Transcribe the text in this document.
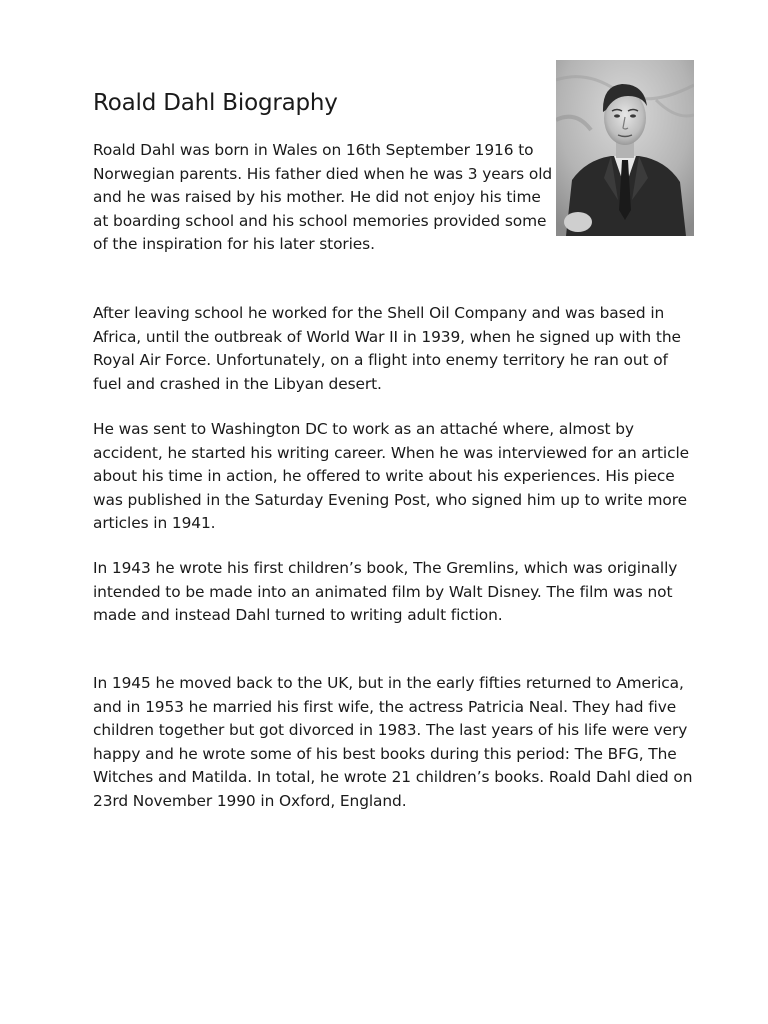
Roald Dahl Biography

Roald Dahl was born in Wales on 16th September 1916 to Norwegian parents. His father died when he was 3 years old and he was raised by his mother. He did not enjoy his time at boarding school and his school memories provided some of the inspiration for his later stories.

After leaving school he worked for the Shell Oil Company and was based in Africa, until the outbreak of World War II in 1939, when he signed up with the Royal Air Force. Unfortunately, on a flight into enemy territory he ran out of fuel and crashed in the Libyan desert.

He was sent to Washington DC to work as an attaché where, almost by accident, he started his writing career. When he was interviewed for an article about his time in action, he offered to write about his experiences. His piece was published in the Saturday Evening Post, who signed him up to write more articles in 1941.

In 1943 he wrote his first children’s book, The Gremlins, which was originally intended to be made into an animated film by Walt Disney. The film was not made and instead Dahl turned to writing adult fiction.

In 1945 he moved back to the UK, but in the early fifties returned to America, and in 1953 he married his first wife, the actress Patricia Neal. They had five children together but got divorced in 1983. The last years of his life were very happy and he wrote some of his best books during this period: The BFG, The Witches and Matilda. In total, he wrote 21 children’s books. Roald Dahl died on 23rd November 1990 in Oxford, England.
